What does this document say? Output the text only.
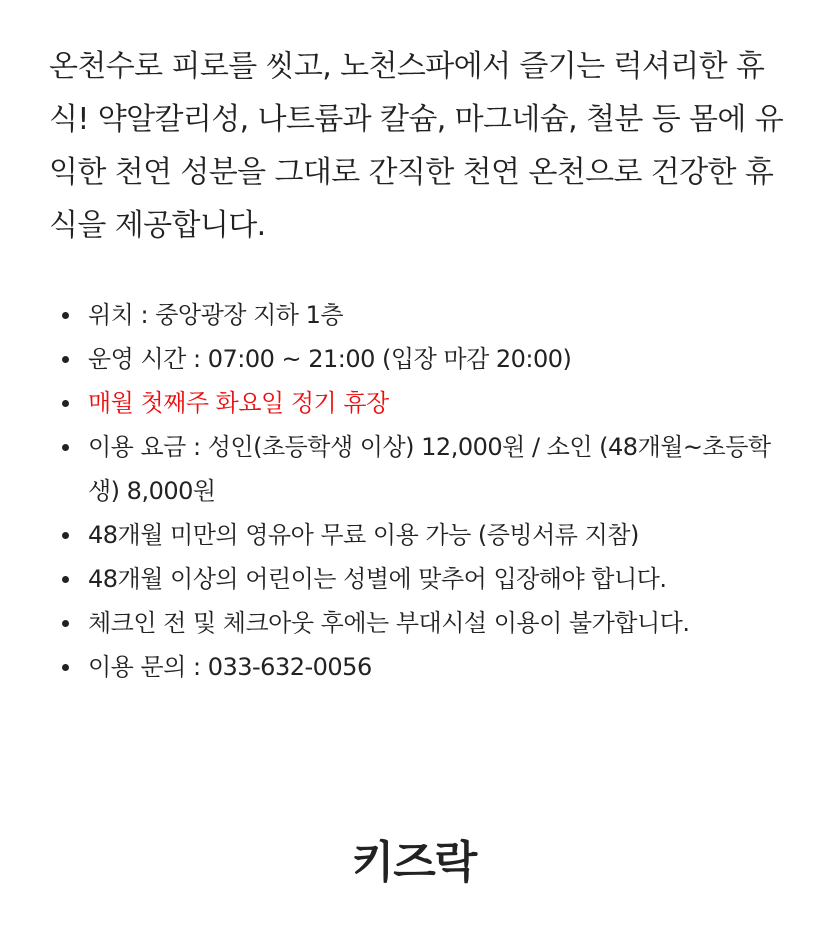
온천수로 피로를 씻고, 노천스파에서 즐기는 럭셔리한 휴식! 약알칼리성, 나트륨과 칼슘, 마그네슘, 철분 등 몸에 유익한 천연 성분을 그대로 간직한 천연 온천으로 건강한 휴식을 제공합니다.

위치 : 중앙광장 지하 1층
운영 시간 : 07:00 ~ 21:00 (입장 마감 20:00)
매월 첫째주 화요일 정기 휴장
이용 요금 : 성인(초등학생 이상) 12,000원 / 소인 (48개월~초등학생) 8,000원
48개월 미만의 영유아 무료 이용 가능 (증빙서류 지참)
48개월 이상의 어린이는 성별에 맞추어 입장해야 합니다.
체크인 전 및 체크아웃 후에는 부대시설 이용이 불가합니다.
이용 문의 : 033-632-0056
키즈락
